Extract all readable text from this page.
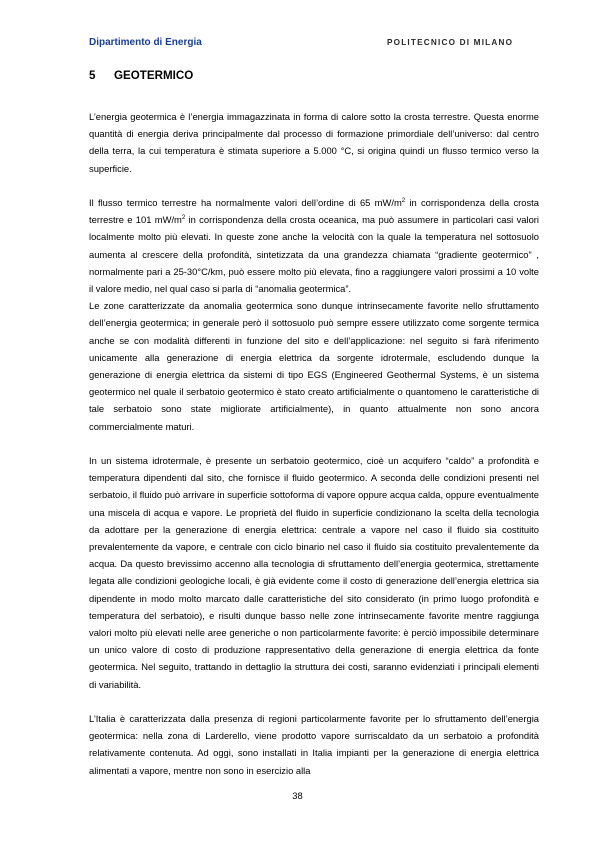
Dipartimento di Energia	POLITECNICO DI MILANO
5 GEOTERMICO

L’energia geotermica è l’energia immagazzinata in forma di calore sotto la crosta terrestre. Questa enorme quantità di energia deriva principalmente dal processo di formazione primordiale dell’universo: dal centro della terra, la cui temperatura è stimata superiore a 5.000 °C, si origina quindi un flusso termico verso la superficie.

Il flusso termico terrestre ha normalmente valori dell’ordine di 65 $mW/m^2$ in corrispondenza della crosta terrestre e 101 $mW/m^2$ in corrispondenza della crosta oceanica, ma può assumere in particolari casi valori localmente molto più elevati. In queste zone anche la velocità con la quale la temperatura nel sottosuolo aumenta al crescere della profondità, sintetizzata da una grandezza chiamata “gradiente geotermico” , normalmente pari a 25-30°C/km, può essere molto più elevata, fino a raggiungere valori prossimi a 10 volte il valore medio, nel qual caso si parla di “anomalia geotermica”.

Le zone caratterizzate da anomalia geotermica sono dunque intrinsecamente favorite nello sfruttamento dell’energia geotermica; in generale però il sottosuolo può sempre essere utilizzato come sorgente termica anche se con modalità differenti in funzione del sito e dell’applicazione: nel seguito si farà riferimento unicamente alla generazione di energia elettrica da sorgente idrotermale, escludendo dunque la generazione di energia elettrica da sistemi di tipo EGS (Engineered Geothermal Systems, è un sistema geotermico nel quale il serbatoio geotermico è stato creato artificialmente o quantomeno le caratteristiche di tale serbatoio sono state migliorate artificialmente), in quanto attualmente non sono ancora commercialmente maturi.

In un sistema idrotermale, è presente un serbatoio geotermico, cioè un acquifero “caldo” a profondità e temperatura dipendenti dal sito, che fornisce il fluido geotermico. A seconda delle condizioni presenti nel serbatoio, il fluido può arrivare in superficie sottoforma di vapore oppure acqua calda, oppure eventualmente una miscela di acqua e vapore. Le proprietà del fluido in superficie condizionano la scelta della tecnologia da adottare per la generazione di energia elettrica: centrale a vapore nel caso il fluido sia costituito prevalentemente da vapore, e centrale con ciclo binario nel caso il fluido sia costituito prevalentemente da acqua. Da questo brevissimo accenno alla tecnologia di sfruttamento dell’energia geotermica, strettamente legata alle condizioni geologiche locali, è già evidente come il costo di generazione dell’energia elettrica sia dipendente in modo molto marcato dalle caratteristiche del sito considerato (in primo luogo profondità e temperatura del serbatoio), e risulti dunque basso nelle zone intrinsecamente favorite mentre raggiunga valori molto più elevati nelle aree generiche o non particolarmente favorite: è perciò impossibile determinare un unico valore di costo di produzione rappresentativo della generazione di energia elettrica da fonte geotermica. Nel seguito, trattando in dettaglio la struttura dei costi, saranno evidenziati i principali elementi di variabilità.

L’Italia è caratterizzata dalla presenza di regioni particolarmente favorite per lo sfruttamento dell’energia geotermica: nella zona di Larderello, viene prodotto vapore surriscaldato da un serbatoio a profondità relativamente contenuta. Ad oggi, sono installati in Italia impianti per la generazione di energia elettrica alimentati a vapore, mentre non sono in esercizio alla

38
